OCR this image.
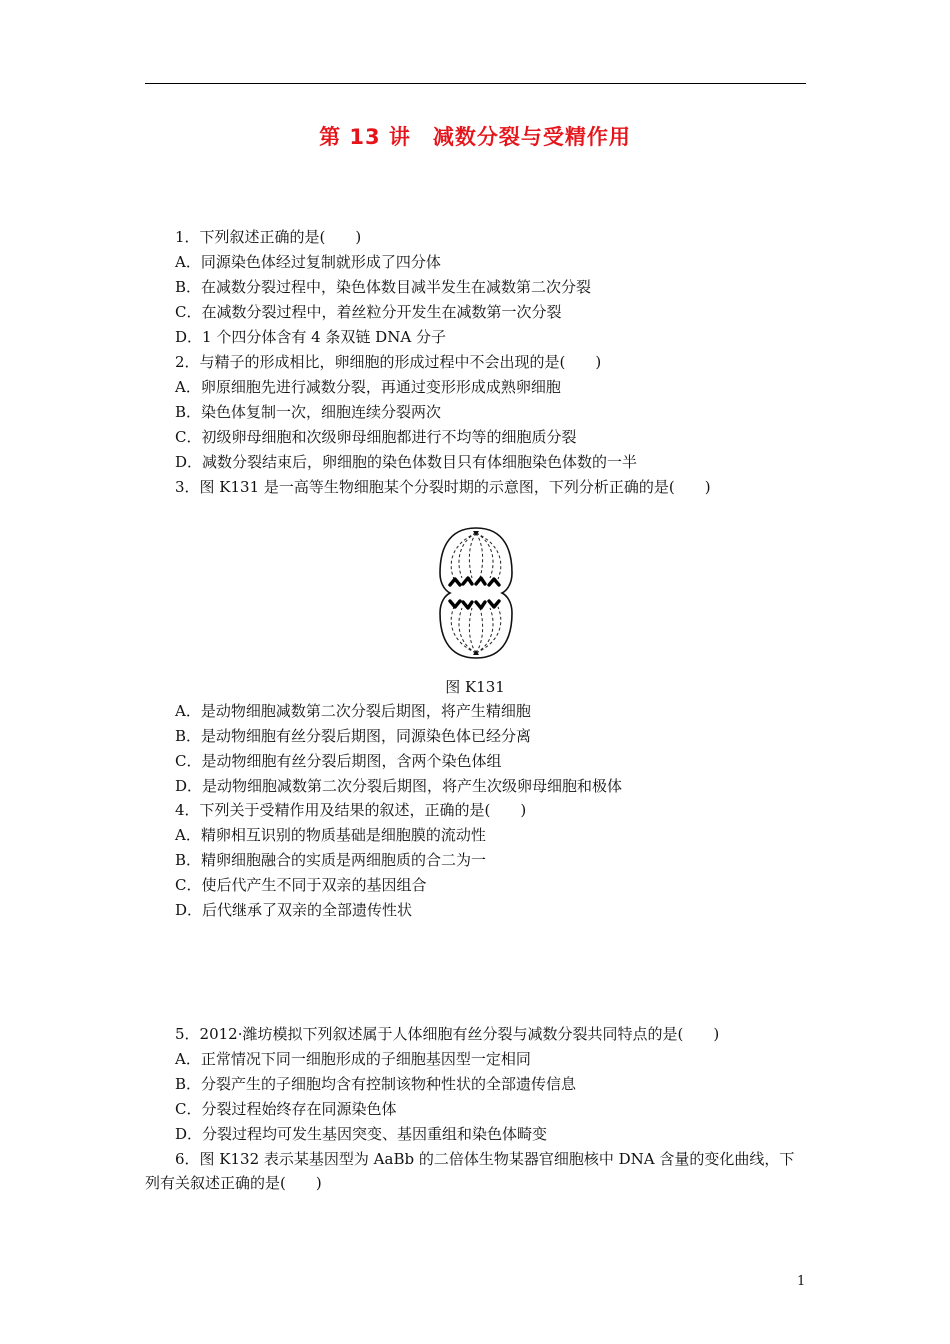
第 13 讲　减数分裂与受精作用
1．下列叙述正确的是(　　)
A．同源染色体经过复制就形成了四分体
B．在减数分裂过程中，染色体数目减半发生在减数第二次分裂
C．在减数分裂过程中，着丝粒分开发生在减数第一次分裂
D．1 个四分体含有 4 条双链 DNA 分子
2．与精子的形成相比，卵细胞的形成过程中不会出现的是(　　)
A．卵原细胞先进行减数分裂，再通过变形形成成熟卵细胞
B．染色体复制一次，细胞连续分裂两次
C．初级卵母细胞和次级卵母细胞都进行不均等的细胞质分裂
D．减数分裂结束后，卵细胞的染色体数目只有体细胞染色体数的一半
3．图 K131 是一高等生物细胞某个分裂时期的示意图，下列分析正确的是(　　)
图 K131
A．是动物细胞减数第二次分裂后期图，将产生精细胞
B．是动物细胞有丝分裂后期图，同源染色体已经分离
C．是动物细胞有丝分裂后期图，含两个染色体组
D．是动物细胞减数第二次分裂后期图，将产生次级卵母细胞和极体
4．下列关于受精作用及结果的叙述，正确的是(　　)
A．精卵相互识别的物质基础是细胞膜的流动性
B．精卵细胞融合的实质是两细胞质的合二为一
C．使后代产生不同于双亲的基因组合
D．后代继承了双亲的全部遗传性状
5．2012·潍坊模拟下列叙述属于人体细胞有丝分裂与减数分裂共同特点的是(　　)
A．正常情况下同一细胞形成的子细胞基因型一定相同
B．分裂产生的子细胞均含有控制该物种性状的全部遗传信息
C．分裂过程始终存在同源染色体
D．分裂过程均可发生基因突变、基因重组和染色体畸变
6．图 K132 表示某基因型为 AaBb 的二倍体生物某器官细胞核中 DNA 含量的变化曲线，下
列有关叙述正确的是(　　)
1
